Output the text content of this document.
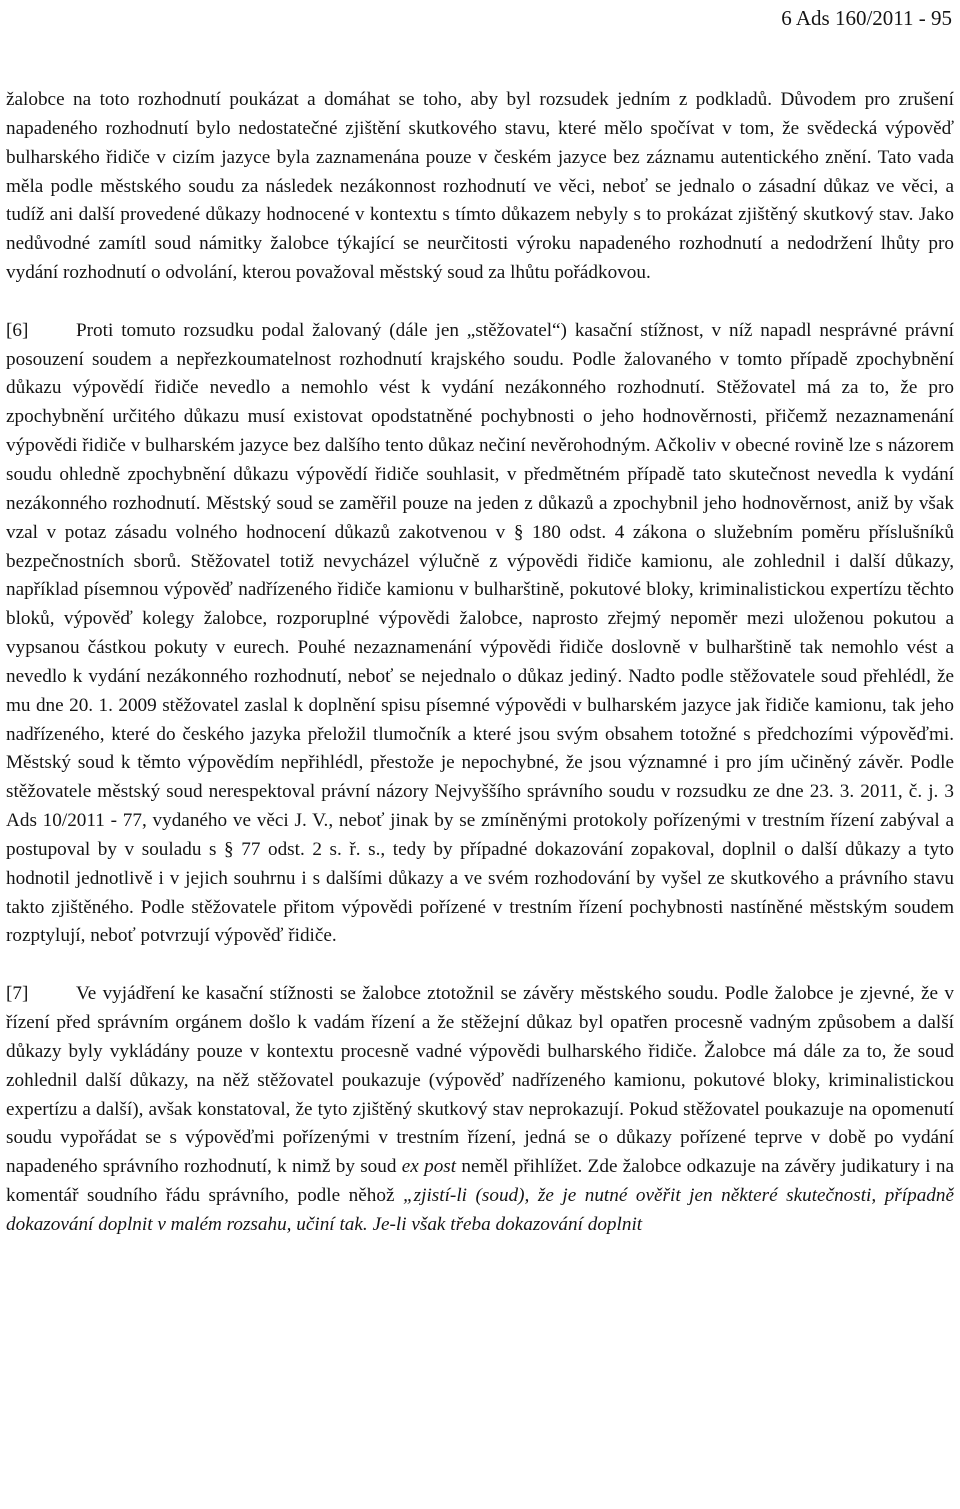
6 Ads 160/2011 - 95

žalobce na toto rozhodnutí poukázat a domáhat se toho, aby byl rozsudek jedním z podkladů. Důvodem pro zrušení napadeného rozhodnutí bylo nedostatečné zjištění skutkového stavu, které mělo spočívat v tom, že svědecká výpověď bulharského řidiče v cizím jazyce byla zaznamenána pouze v českém jazyce bez záznamu autentického znění. Tato vada měla podle městského soudu za následek nezákonnost rozhodnutí ve věci, neboť se jednalo o zásadní důkaz ve věci, a tudíž ani další provedené důkazy hodnocené v kontextu s tímto důkazem nebyly s to prokázat zjištěný skutkový stav. Jako nedůvodné zamítl soud námitky žalobce týkající se neurčitosti výroku napadeného rozhodnutí a nedodržení lhůty pro vydání rozhodnutí o odvolání, kterou považoval městský soud za lhůtu pořádkovou.

[6] Proti tomuto rozsudku podal žalovaný (dále jen „stěžovatel“) kasační stížnost, v níž napadl nesprávné právní posouzení soudem a nepřezkoumatelnost rozhodnutí krajského soudu. Podle žalovaného v tomto případě zpochybnění důkazu výpovědí řidiče nevedlo a nemohlo vést k vydání nezákonného rozhodnutí. Stěžovatel má za to, že pro zpochybnění určitého důkazu musí existovat opodstatněné pochybnosti o jeho hodnověrnosti, přičemž nezaznamenání výpovědi řidiče v bulharském jazyce bez dalšího tento důkaz nečiní nevěrohodným. Ačkoliv v obecné rovině lze s názorem soudu ohledně zpochybnění důkazu výpovědí řidiče souhlasit, v předmětném případě tato skutečnost nevedla k vydání nezákonného rozhodnutí. Městský soud se zaměřil pouze na jeden z důkazů a zpochybnil jeho hodnověrnost, aniž by však vzal v potaz zásadu volného hodnocení důkazů zakotvenou v § 180 odst. 4 zákona o služebním poměru příslušníků bezpečnostních sborů. Stěžovatel totiž nevycházel výlučně z výpovědi řidiče kamionu, ale zohlednil i další důkazy, například písemnou výpověď nadřízeného řidiče kamionu v bulharštině, pokutové bloky, kriminalistickou expertízu těchto bloků, výpověď kolegy žalobce, rozporuplné výpovědi žalobce, naprosto zřejmý nepoměr mezi uloženou pokutou a vypsanou částkou pokuty v eurech. Pouhé nezaznamenání výpovědi řidiče doslovně v bulharštině tak nemohlo vést a nevedlo k vydání nezákonného rozhodnutí, neboť se nejednalo o důkaz jediný. Nadto podle stěžovatele soud přehlédl, že mu dne 20. 1. 2009 stěžovatel zaslal k doplnění spisu písemné výpovědi v bulharském jazyce jak řidiče kamionu, tak jeho nadřízeného, které do českého jazyka přeložil tlumočník a které jsou svým obsahem totožné s předchozími výpověďmi. Městský soud k těmto výpovědím nepřihlédl, přestože je nepochybné, že jsou významné i pro jím učiněný závěr. Podle stěžovatele městský soud nerespektoval právní názory Nejvyššího správního soudu v rozsudku ze dne 23. 3. 2011, č. j. 3 Ads 10/2011 - 77, vydaného ve věci J. V., neboť jinak by se zmíněnými protokoly pořízenými v trestním řízení zabýval a postupoval by v souladu s § 77 odst. 2 s. ř. s., tedy by případné dokazování zopakoval, doplnil o další důkazy a tyto hodnotil jednotlivě i v jejich souhrnu i s dalšími důkazy a ve svém rozhodování by vyšel ze skutkového a právního stavu takto zjištěného. Podle stěžovatele přitom výpovědi pořízené v trestním řízení pochybnosti nastíněné městským soudem rozptylují, neboť potvrzují výpověď řidiče.

[7] Ve vyjádření ke kasační stížnosti se žalobce ztotožnil se závěry městského soudu. Podle žalobce je zjevné, že v řízení před správním orgánem došlo k vadám řízení a že stěžejní důkaz byl opatřen procesně vadným způsobem a další důkazy byly vykládány pouze v kontextu procesně vadné výpovědi bulharského řidiče. Žalobce má dále za to, že soud zohlednil další důkazy, na něž stěžovatel poukazuje (výpověď nadřízeného kamionu, pokutové bloky, kriminalistickou expertízu a další), avšak konstatoval, že tyto zjištěný skutkový stav neprokazují. Pokud stěžovatel poukazuje na opomenutí soudu vypořádat se s výpověďmi pořízenými v trestním řízení, jedná se o důkazy pořízené teprve v době po vydání napadeného správního rozhodnutí, k nimž by soud ex post neměl přihlížet. Zde žalobce odkazuje na závěry judikatury i na komentář soudního řádu správního, podle něhož „zjistí-li (soud), že je nutné ověřit jen některé skutečnosti, případně dokazování doplnit v malém rozsahu, učiní tak. Je-li však třeba dokazování doplnit
